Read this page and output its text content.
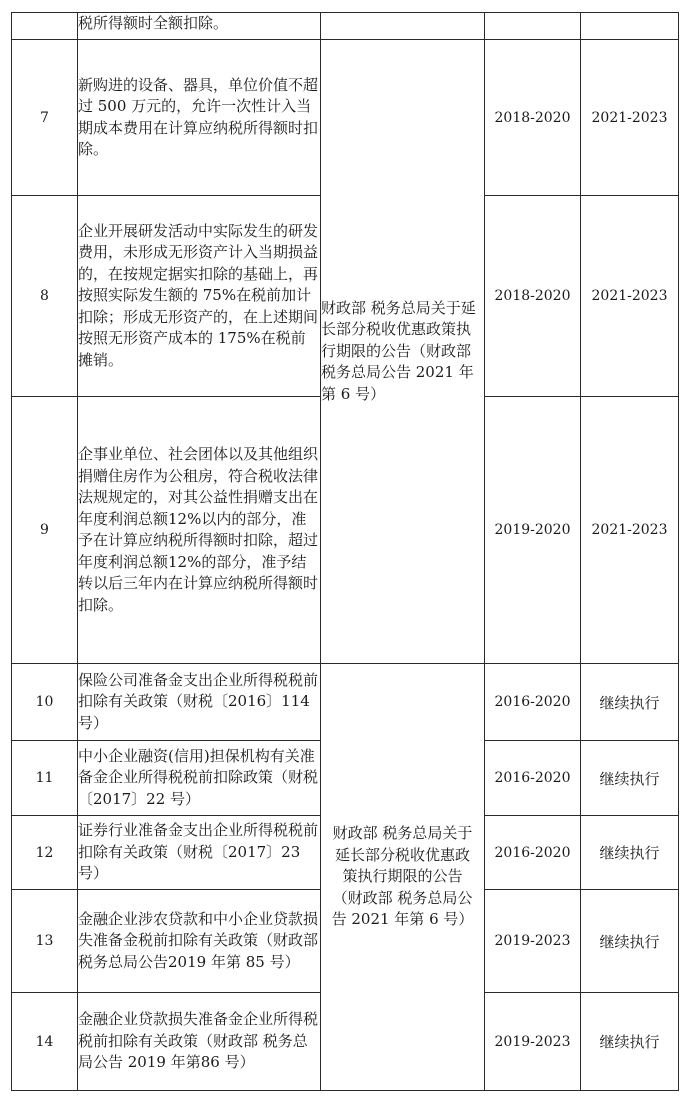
	税所得额时全额扣除。			
7	新购进的设备、器具，单位价值不超过 500 万元的，允许一次性计入当期成本费用在计算应纳税所得额时扣除。	财政部 税务总局关于延长部分税收优惠政策执行期限的公告（财政部 税务总局公告 2021 年第 6 号）	2018-2020	2021-2023
8	企业开展研发活动中实际发生的研发费用，未形成无形资产计入当期损益的，在按规定据实扣除的基础上，再按照实际发生额的 75%在税前加计扣除；形成无形资产的，在上述期间按照无形资产成本的 175%在税前摊销。		2018-2020	2021-2023
9	企事业单位、社会团体以及其他组织捐赠住房作为公租房，符合税收法律法规规定的，对其公益性捐赠支出在年度利润总额12%以内的部分，准予在计算应纳税所得额时扣除，超过年度利润总额12%的部分，准予结转以后三年内在计算应纳税所得额时扣除。		2019-2020	2021-2023
10	保险公司准备金支出企业所得税税前扣除有关政策（财税〔2016〕114 号）	财政部 税务总局关于延长部分税收优惠政策执行期限的公告（财政部 税务总局公告 2021 年第 6 号）	2016-2020	继续执行
11	中小企业融资(信用)担保机构有关准备金企业所得税税前扣除政策（财税〔2017〕22 号）		2016-2020	继续执行
12	证券行业准备金支出企业所得税税前扣除有关政策（财税〔2017〕23 号）		2016-2020	继续执行
13	金融企业涉农贷款和中小企业贷款损失准备金税前扣除有关政策（财政部 税务总局公告2019 年第 85 号）		2019-2023	继续执行
14	金融企业贷款损失准备金企业所得税税前扣除有关政策（财政部 税务总局公告 2019 年第86 号）		2019-2023	继续执行
